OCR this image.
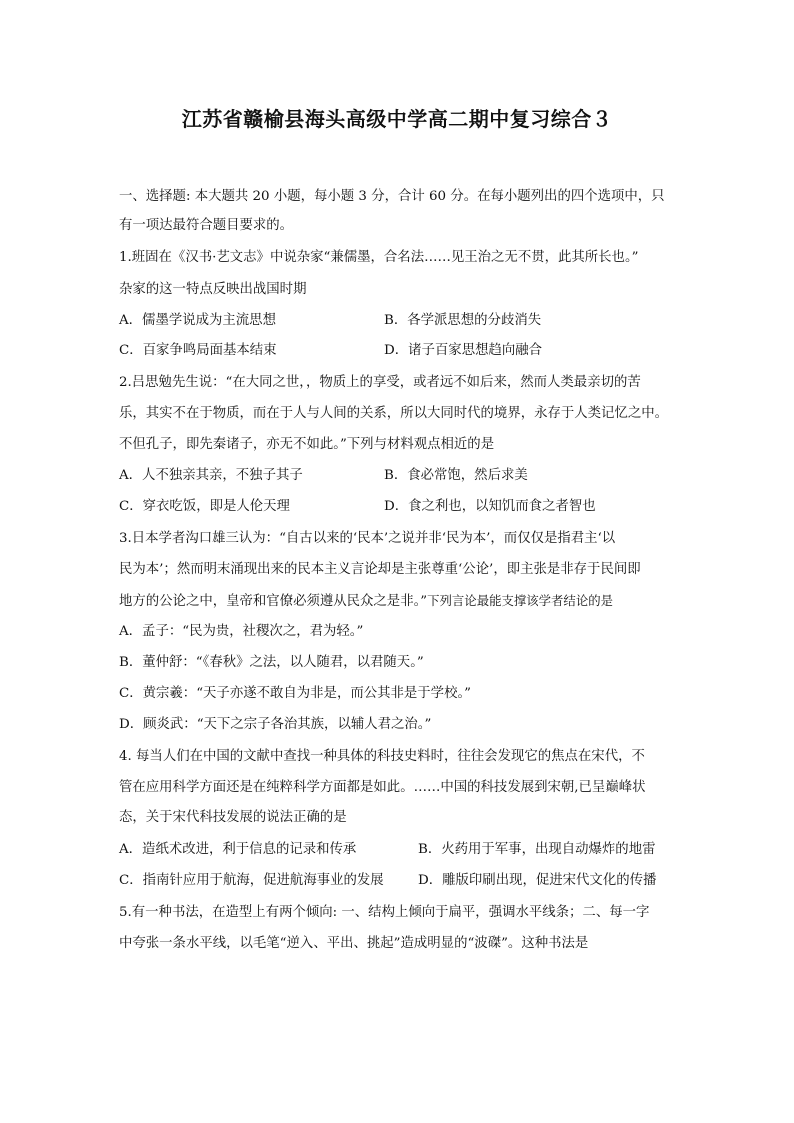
江苏省赣榆县海头高级中学高二期中复习综合３
一、选择题: 本大题共 20 小题，每小题 3 分，合计 60 分。在每小题列出的四个选项中，只
有一项达最符合题目要求的。
1.班固在《汉书·艺文志》中说杂家“兼儒墨，合名法……见王治之无不贯，此其所长也。”
杂家的这一特点反映出战国时期
A．儒墨学说成为主流思想	B．各学派思想的分歧消失
C．百家争鸣局面基本结束	D．诸子百家思想趋向融合
2.吕思勉先生说：“在大同之世，，物质上的享受，或者远不如后来，然而人类最亲切的苦
乐，其实不在于物质，而在于人与人间的关系，所以大同时代的境界，永存于人类记忆之中。
不但孔子，即先秦诸子，亦无不如此。”下列与材料观点相近的是
A．人不独亲其亲，不独子其子	B．食必常饱，然后求美
C．穿衣吃饭，即是人伦天理	D．食之利也，以知饥而食之者智也
3.日本学者沟口雄三认为：“自古以来的‘民本’之说并非‘民为本’，而仅仅是指君主‘以
民为本’；然而明末涌现出来的民本主义言论却是主张尊重‘公论’，即主张是非存于民间即
地方的公论之中，皇帝和官僚必须遵从民众之是非。”下列言论最能支撑该学者结论的是
A．孟子：“民为贵，社稷次之，君为轻。”
B．董仲舒：“《春秋》之法，以人随君，以君随天。”
C．黄宗羲：“天子亦遂不敢自为非是，而公其非是于学校。”
D．顾炎武：“天下之宗子各治其族，以辅人君之治。”
4. 每当人们在中国的文献中查找一种具体的科技史料时，往往会发现它的焦点在宋代，不
管在应用科学方面还是在纯粹科学方面都是如此。……中国的科技发展到宋朝,已呈巅峰状
态，关于宋代科技发展的说法正确的是
A．造纸术改进，利于信息的记录和传承	B．火药用于军事，出现自动爆炸的地雷
C．指南针应用于航海，促进航海事业的发展	D．雕版印刷出现，促进宋代文化的传播
5.有一种书法，在造型上有两个倾向: 一、结构上倾向于扁平，强调水平线条；二、每一字
中夸张一条水平线，以毛笔“逆入、平出、挑起”造成明显的“波磔”。这种书法是
